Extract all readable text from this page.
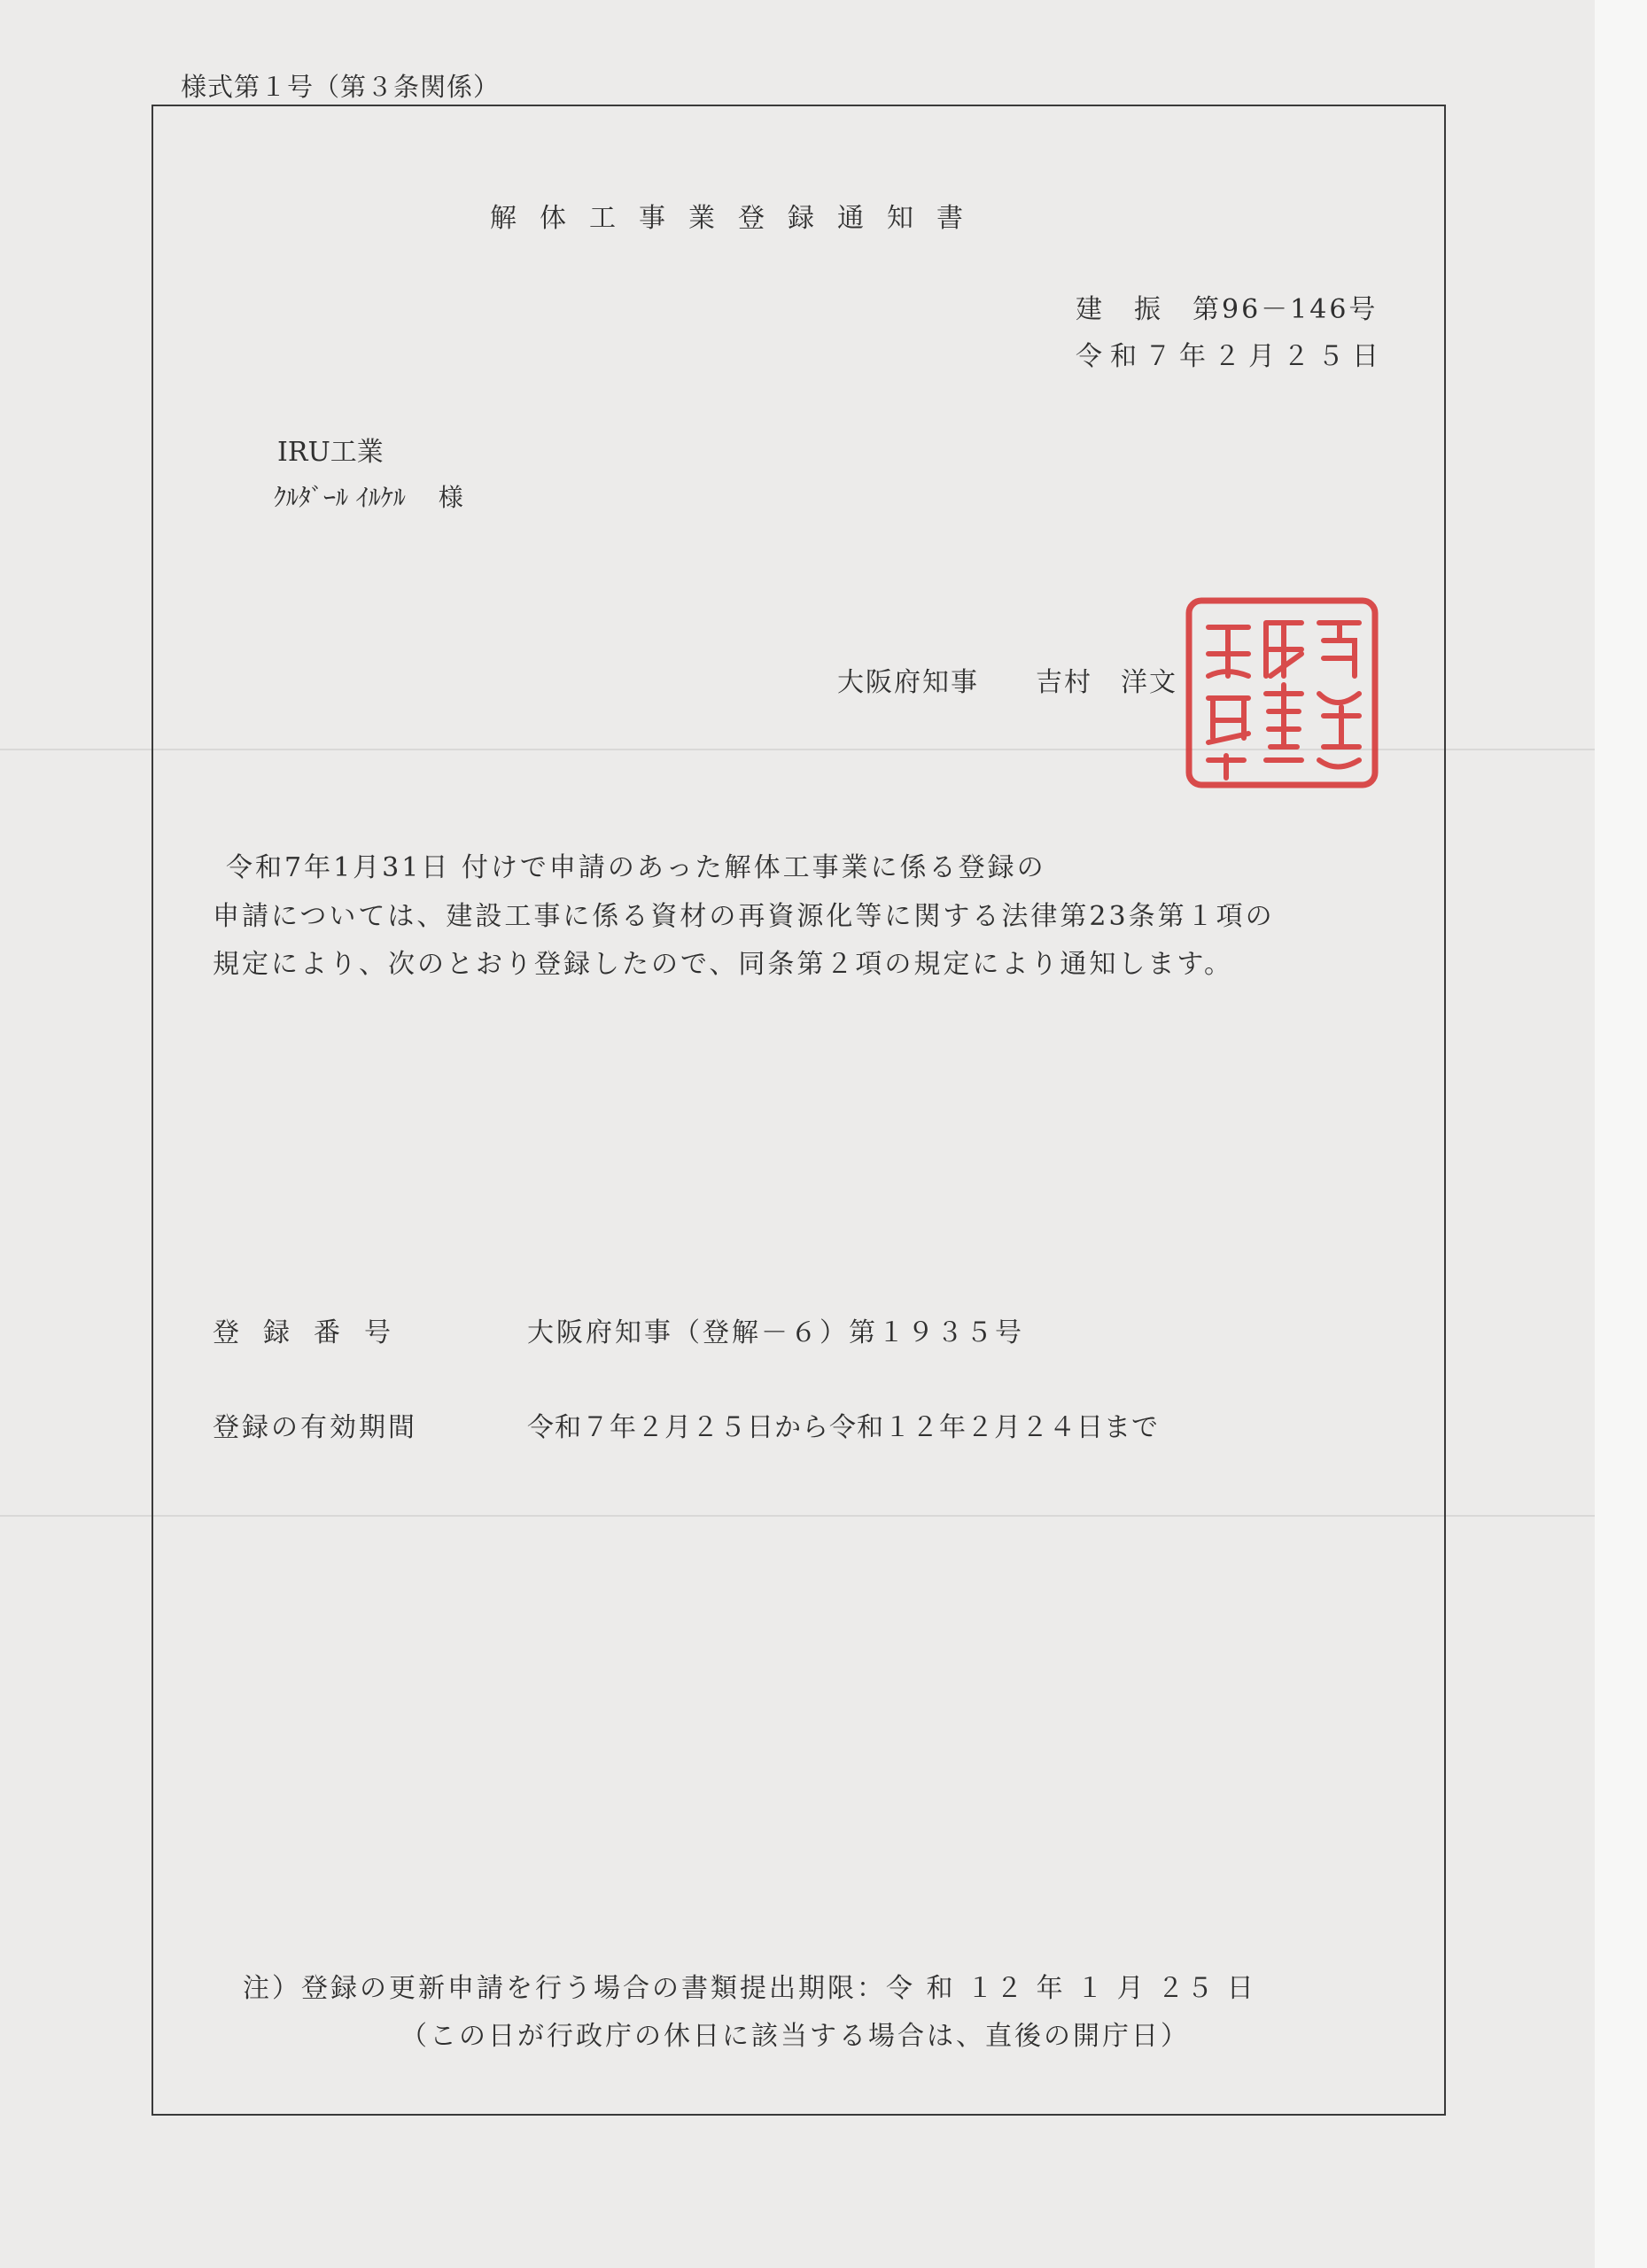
様式第１号（第３条関係）
解体工事業登録通知書
建　振　第96－146号
令和７年２月２５日
IRU工業
ｸﾙﾀﾞｰﾙ ｲﾙｹﾙ　 様
大阪府知事　　吉村　洋文
令和7年1月31日 付けで申請のあった解体工事業に係る登録の
申請については、建設工事に係る資材の再資源化等に関する法律第23条第１項の
規定により、次のとおり登録したので、同条第２項の規定により通知します。
登録番号	大阪府知事（登解－６）第１９３５号
登録の有効期間	令和７年２月２５日から令和１２年２月２４日まで
注）登録の更新申請を行う場合の書類提出期限：令 和 １２ 年 １ 月 ２５ 日
（この日が行政庁の休日に該当する場合は、直後の開庁日）
